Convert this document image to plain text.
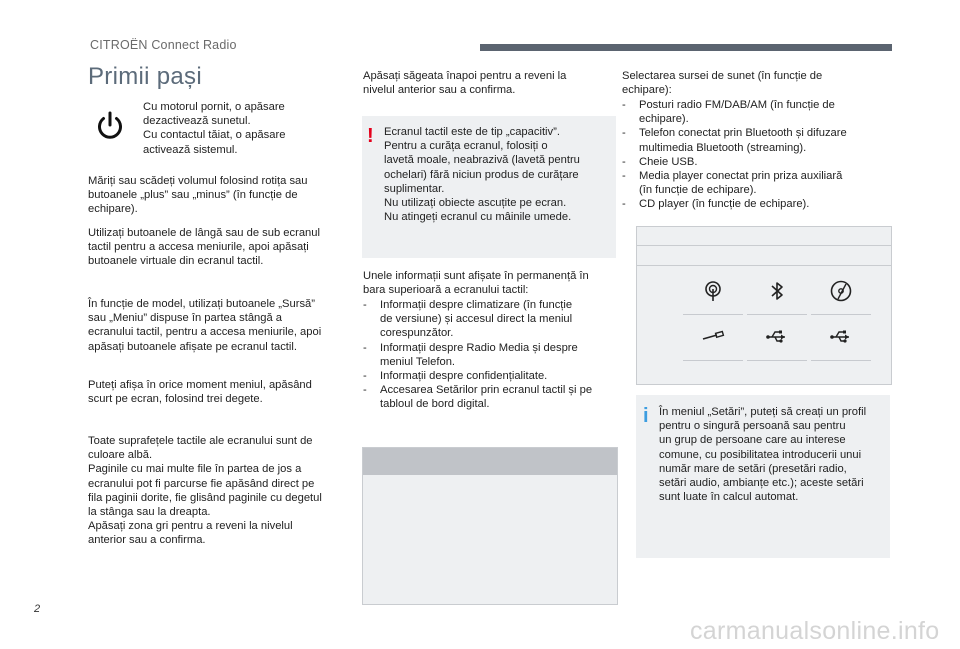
CITROËN Connect Radio
Primii pași
Cu motorul pornit, o apăsare
dezactivează sunetul.
Cu contactul tăiat, o apăsare
activează sistemul.
Măriți sau scădeți volumul folosind rotița sau
butoanele „plus” sau „minus” (în funcție de
echipare).
Utilizați butoanele de lângă sau de sub ecranul
tactil pentru a accesa meniurile, apoi apăsați
butoanele virtuale din ecranul tactil.
În funcție de model, utilizați butoanele „Sursă”
sau „Meniu” dispuse în partea stângă a
ecranului tactil, pentru a accesa meniurile, apoi
apăsați butoanele afișate pe ecranul tactil.
Puteți afișa în orice moment meniul, apăsând
scurt pe ecran, folosind trei degete.
Toate suprafețele tactile ale ecranului sunt de
culoare albă.
Paginile cu mai multe file în partea de jos a
ecranului pot fi parcurse fie apăsând direct pe
fila paginii dorite, fie glisând paginile cu degetul
la stânga sau la dreapta.
Apăsați zona gri pentru a reveni la nivelul
anterior sau a confirma.
Apăsați săgeata înapoi pentru a reveni la
nivelul anterior sau a confirma.
! Ecranul tactil este de tip „capacitiv”.
Pentru a curăța ecranul, folosiți o
lavetă moale, neabrazivă (lavetă pentru
ochelari) fără niciun produs de curățare
suplimentar.
Nu utilizați obiecte ascuțite pe ecran.
Nu atingeți ecranul cu mâinile umede.
Unele informații sunt afișate în permanență în
bara superioară a ecranului tactil:
- Informații despre climatizare (în funcție
de versiune) și accesul direct la meniul
corespunzător.
- Informații despre Radio Media și despre
meniul Telefon.
- Informații despre confidențialitate.
- Accesarea Setărilor prin ecranul tactil și pe
tabloul de bord digital.
Selectarea sursei de sunet (în funcție de
echipare):
- Posturi radio FM/DAB/AM (în funcție de
echipare).
- Telefon conectat prin Bluetooth și difuzare
multimedia Bluetooth (streaming).
- Cheie USB.
- Media player conectat prin priza auxiliară
(în funcție de echipare).
- CD player (în funcție de echipare).
i În meniul „Setări”, puteți să creați un profil
pentru o singură persoană sau pentru
un grup de persoane care au interese
comune, cu posibilitatea introducerii unui
număr mare de setări (presetări radio,
setări audio, ambianțe etc.); aceste setări
sunt luate în calcul automat.
2
carmanualsonline.info
